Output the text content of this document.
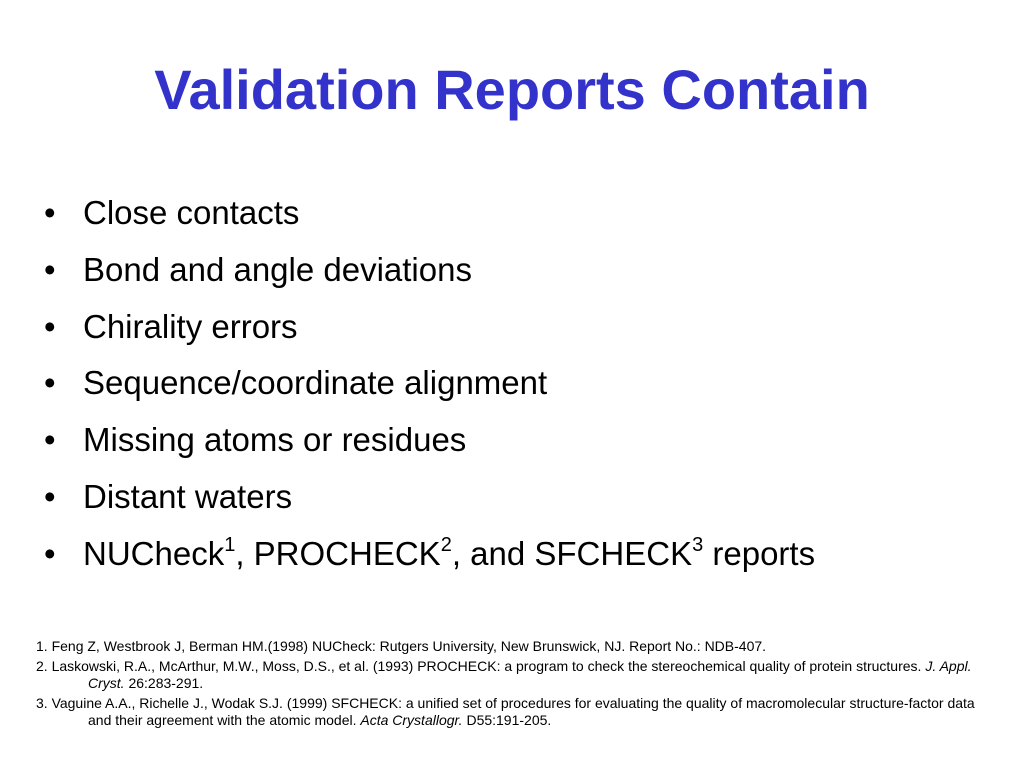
Validation Reports Contain
• Close contacts
• Bond and angle deviations
• Chirality errors
• Sequence/coordinate alignment
• Missing atoms or residues
• Distant waters
• NUCheck$^1$, PROCHECK$^2$, and SFCHECK$^3$ reports
1. Feng Z, Westbrook J, Berman HM.(1998) NUCheck: Rutgers University, New Brunswick, NJ. Report No.: NDB-407.
2. Laskowski, R.A., McArthur, M.W., Moss, D.S., et al. (1993) PROCHECK: a program to check the stereochemical quality of protein structures. J. Appl. Cryst. 26:283-291.
3. Vaguine A.A., Richelle J., Wodak S.J. (1999) SFCHECK: a unified set of procedures for evaluating the quality of macromolecular structure-factor data and their agreement with the atomic model. Acta Crystallogr. D55:191-205.
